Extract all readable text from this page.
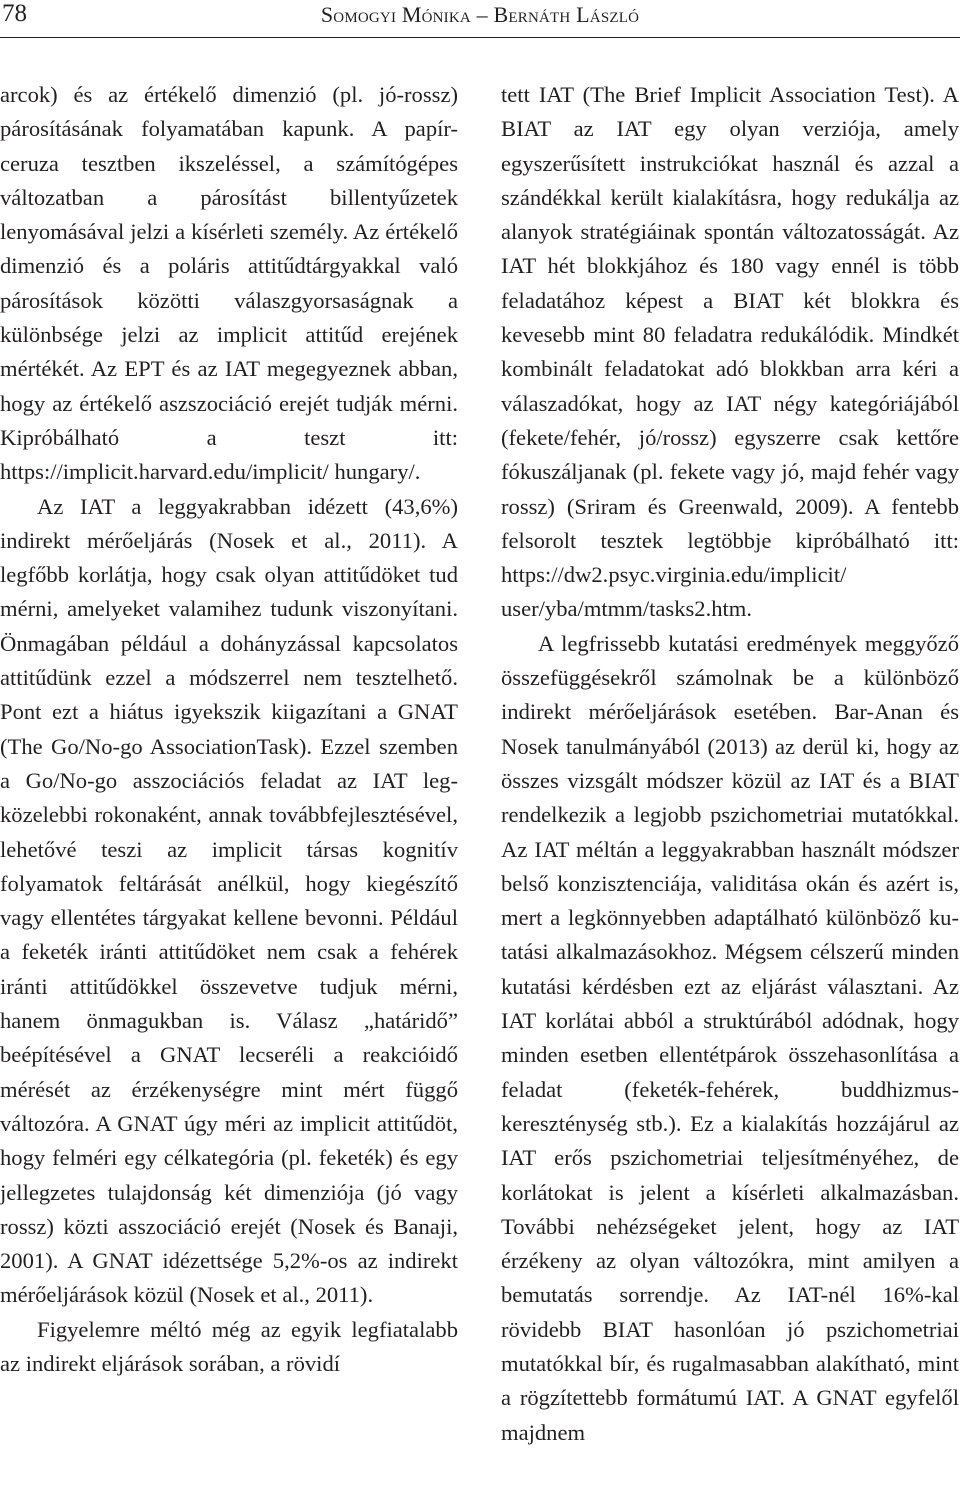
78	Somogyi Mónika – Bernáth László

arcok) és az értékelő dimenzió (pl. jó-rossz) párosításának folyamatában kapunk. A papír-ceruza tesztben ikszeléssel, a számítógépes változatban a párosítást billentyűzetek lenyomásával jelzi a kísérleti személy. Az értékelő dimenzió és a poláris attitűdtárgyakkal való párosítások közötti válaszgyorsaságnak a különbsége jelzi az implicit attitűd erejének mértékét. Az EPT és az IAT megegyeznek abban, hogy az értékelő aszszociáció erejét tudják mérni. Kipróbálható a teszt itt: https://implicit.harvard.edu/implicit/ hungary/.

Az IAT a leggyakrabban idézett (43,6%) indirekt mérőeljárás (Nosek et al., 2011). A legfőbb korlátja, hogy csak olyan attitűdöket tud mérni, amelyeket valamihez tudunk viszonyítani. Önmagában például a dohányzással kapcsolatos attitűdünk ezzel a módszerrel nem tesztelhető. Pont ezt a hiátus igyekszik kiigazítani a GNAT (The Go/No-go AssociationTask). Ezzel szemben a Go/No-go asszociációs feladat az IAT legközelebbi rokonaként, annak továbbfejlesztésével, lehetővé teszi az implicit társas kognitív folyamatok feltárását anélkül, hogy kiegészítő vagy ellentétes tárgyakat kellene bevonni. Például a feketék iránti attitűdöket nem csak a fehérek iránti attitűdökkel összevetve tudjuk mérni, hanem önmagukban is. Válasz „határidő” beépítésével a GNAT lecseréli a reakcióidő mérését az érzékenységre mint mért függő változóra. A GNAT úgy méri az implicit attitűdöt, hogy felméri egy célkategória (pl. feketék) és egy jellegzetes tulajdonság két dimenziója (jó vagy rossz) közti asszociáció erejét (Nosek és Banaji, 2001). A GNAT idézettsége 5,2%-os az indirekt mérőeljárások közül (Nosek et al., 2011).

Figyelemre méltó még az egyik legfiatalabb az indirekt eljárások sorában, a rövidí

tett IAT (The Brief Implicit Association Test). A BIAT az IAT egy olyan verziója, amely egyszerűsített instrukciókat használ és azzal a szándékkal került kialakításra, hogy redukálja az alanyok stratégiáinak spontán változatosságát. Az IAT hét blokkjához és 180 vagy ennél is több feladatához képest a BIAT két blokkra és kevesebb mint 80 feladatra redukálódik. Mindkét kombinált feladatokat adó blokkban arra kéri a válaszadókat, hogy az IAT négy kategóriájából (fekete/fehér, jó/rossz) egyszerre csak kettőre fókuszáljanak (pl. fekete vagy jó, majd fehér vagy rossz) (Sriram és Greenwald, 2009). A fentebb felsorolt tesztek legtöbbje kipróbálható itt: https://dw2.psyc.virginia.edu/implicit/ user/yba/mtmm/tasks2.htm.

A legfrissebb kutatási eredmények meggyőző összefüggésekről számolnak be a különböző indirekt mérőeljárások esetében. Bar-Anan és Nosek tanulmányából (2013) az derül ki, hogy az összes vizsgált módszer közül az IAT és a BIAT rendelkezik a legjobb pszichometriai mutatókkal. Az IAT méltán a leggyakrabban használt módszer belső konzisztenciája, validitása okán és azért is, mert a legkönnyebben adaptálható különböző kutatási alkalmazásokhoz. Mégsem célszerű minden kutatási kérdésben ezt az eljárást választani. Az IAT korlátai abból a struktúrából adódnak, hogy minden esetben ellentétpárok összehasonlítása a feladat (feketék-fehérek, buddhizmus-kereszténység stb.). Ez a kialakítás hozzájárul az IAT erős pszichometriai teljesítményéhez, de korlátokat is jelent a kísérleti alkalmazásban. További nehézségeket jelent, hogy az IAT érzékeny az olyan változókra, mint amilyen a bemutatás sorrendje. Az IAT-nél 16%-kal rövidebb BIAT hasonlóan jó pszichometriai mutatókkal bír, és rugalmasabban alakítható, mint a rögzítettebb formátumú IAT. A GNAT egyfelől majdnem
